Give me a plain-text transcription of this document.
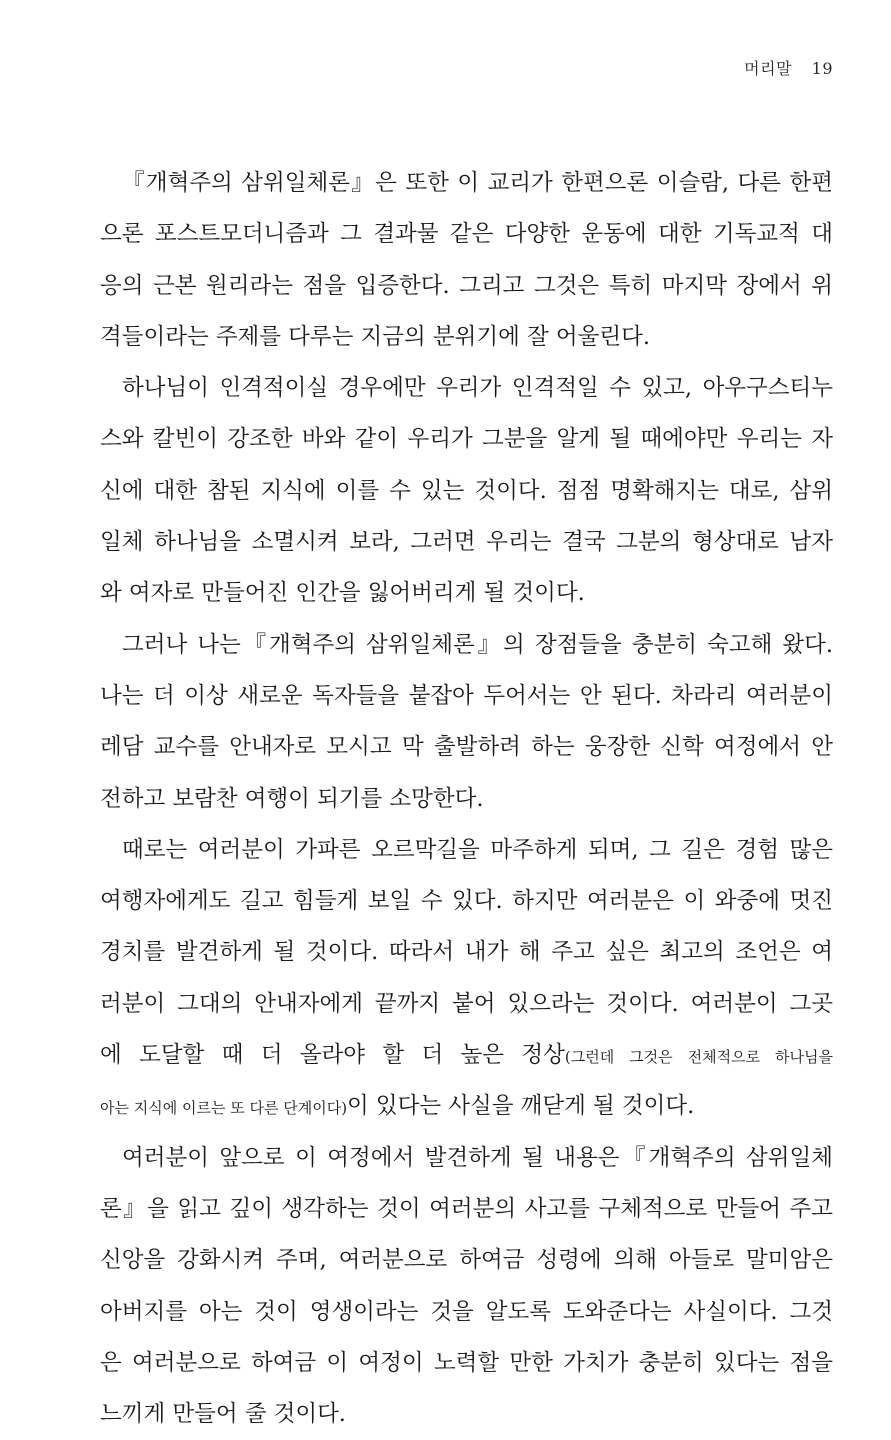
머리말 19
『개혁주의 삼위일체론』은 또한 이 교리가 한편으론 이슬람, 다른 한편
으론 포스트모더니즘과 그 결과물 같은 다양한 운동에 대한 기독교적 대
응의 근본 원리라는 점을 입증한다. 그리고 그것은 특히 마지막 장에서 위
격들이라는 주제를 다루는 지금의 분위기에 잘 어울린다.
하나님이 인격적이실 경우에만 우리가 인격적일 수 있고, 아우구스티누
스와 칼빈이 강조한 바와 같이 우리가 그분을 알게 될 때에야만 우리는 자
신에 대한 참된 지식에 이를 수 있는 것이다. 점점 명확해지는 대로, 삼위
일체 하나님을 소멸시켜 보라, 그러면 우리는 결국 그분의 형상대로 남자
와 여자로 만들어진 인간을 잃어버리게 될 것이다.
그러나 나는『개혁주의 삼위일체론』의 장점들을 충분히 숙고해 왔다.
나는 더 이상 새로운 독자들을 붙잡아 두어서는 안 된다. 차라리 여러분이
레담 교수를 안내자로 모시고 막 출발하려 하는 웅장한 신학 여정에서 안
전하고 보람찬 여행이 되기를 소망한다.
때로는 여러분이 가파른 오르막길을 마주하게 되며, 그 길은 경험 많은
여행자에게도 길고 힘들게 보일 수 있다. 하지만 여러분은 이 와중에 멋진
경치를 발견하게 될 것이다. 따라서 내가 해 주고 싶은 최고의 조언은 여
러분이 그대의 안내자에게 끝까지 붙어 있으라는 것이다. 여러분이 그곳
에 도달할 때 더 올라야 할 더 높은 정상(그런데 그것은 전체적으로 하나님을
아는 지식에 이르는 또 다른 단계이다)이 있다는 사실을 깨닫게 될 것이다.
여러분이 앞으로 이 여정에서 발견하게 될 내용은『개혁주의 삼위일체
론』을 읽고 깊이 생각하는 것이 여러분의 사고를 구체적으로 만들어 주고
신앙을 강화시켜 주며, 여러분으로 하여금 성령에 의해 아들로 말미암은
아버지를 아는 것이 영생이라는 것을 알도록 도와준다는 사실이다. 그것
은 여러분으로 하여금 이 여정이 노력할 만한 가치가 충분히 있다는 점을
느끼게 만들어 줄 것이다.
